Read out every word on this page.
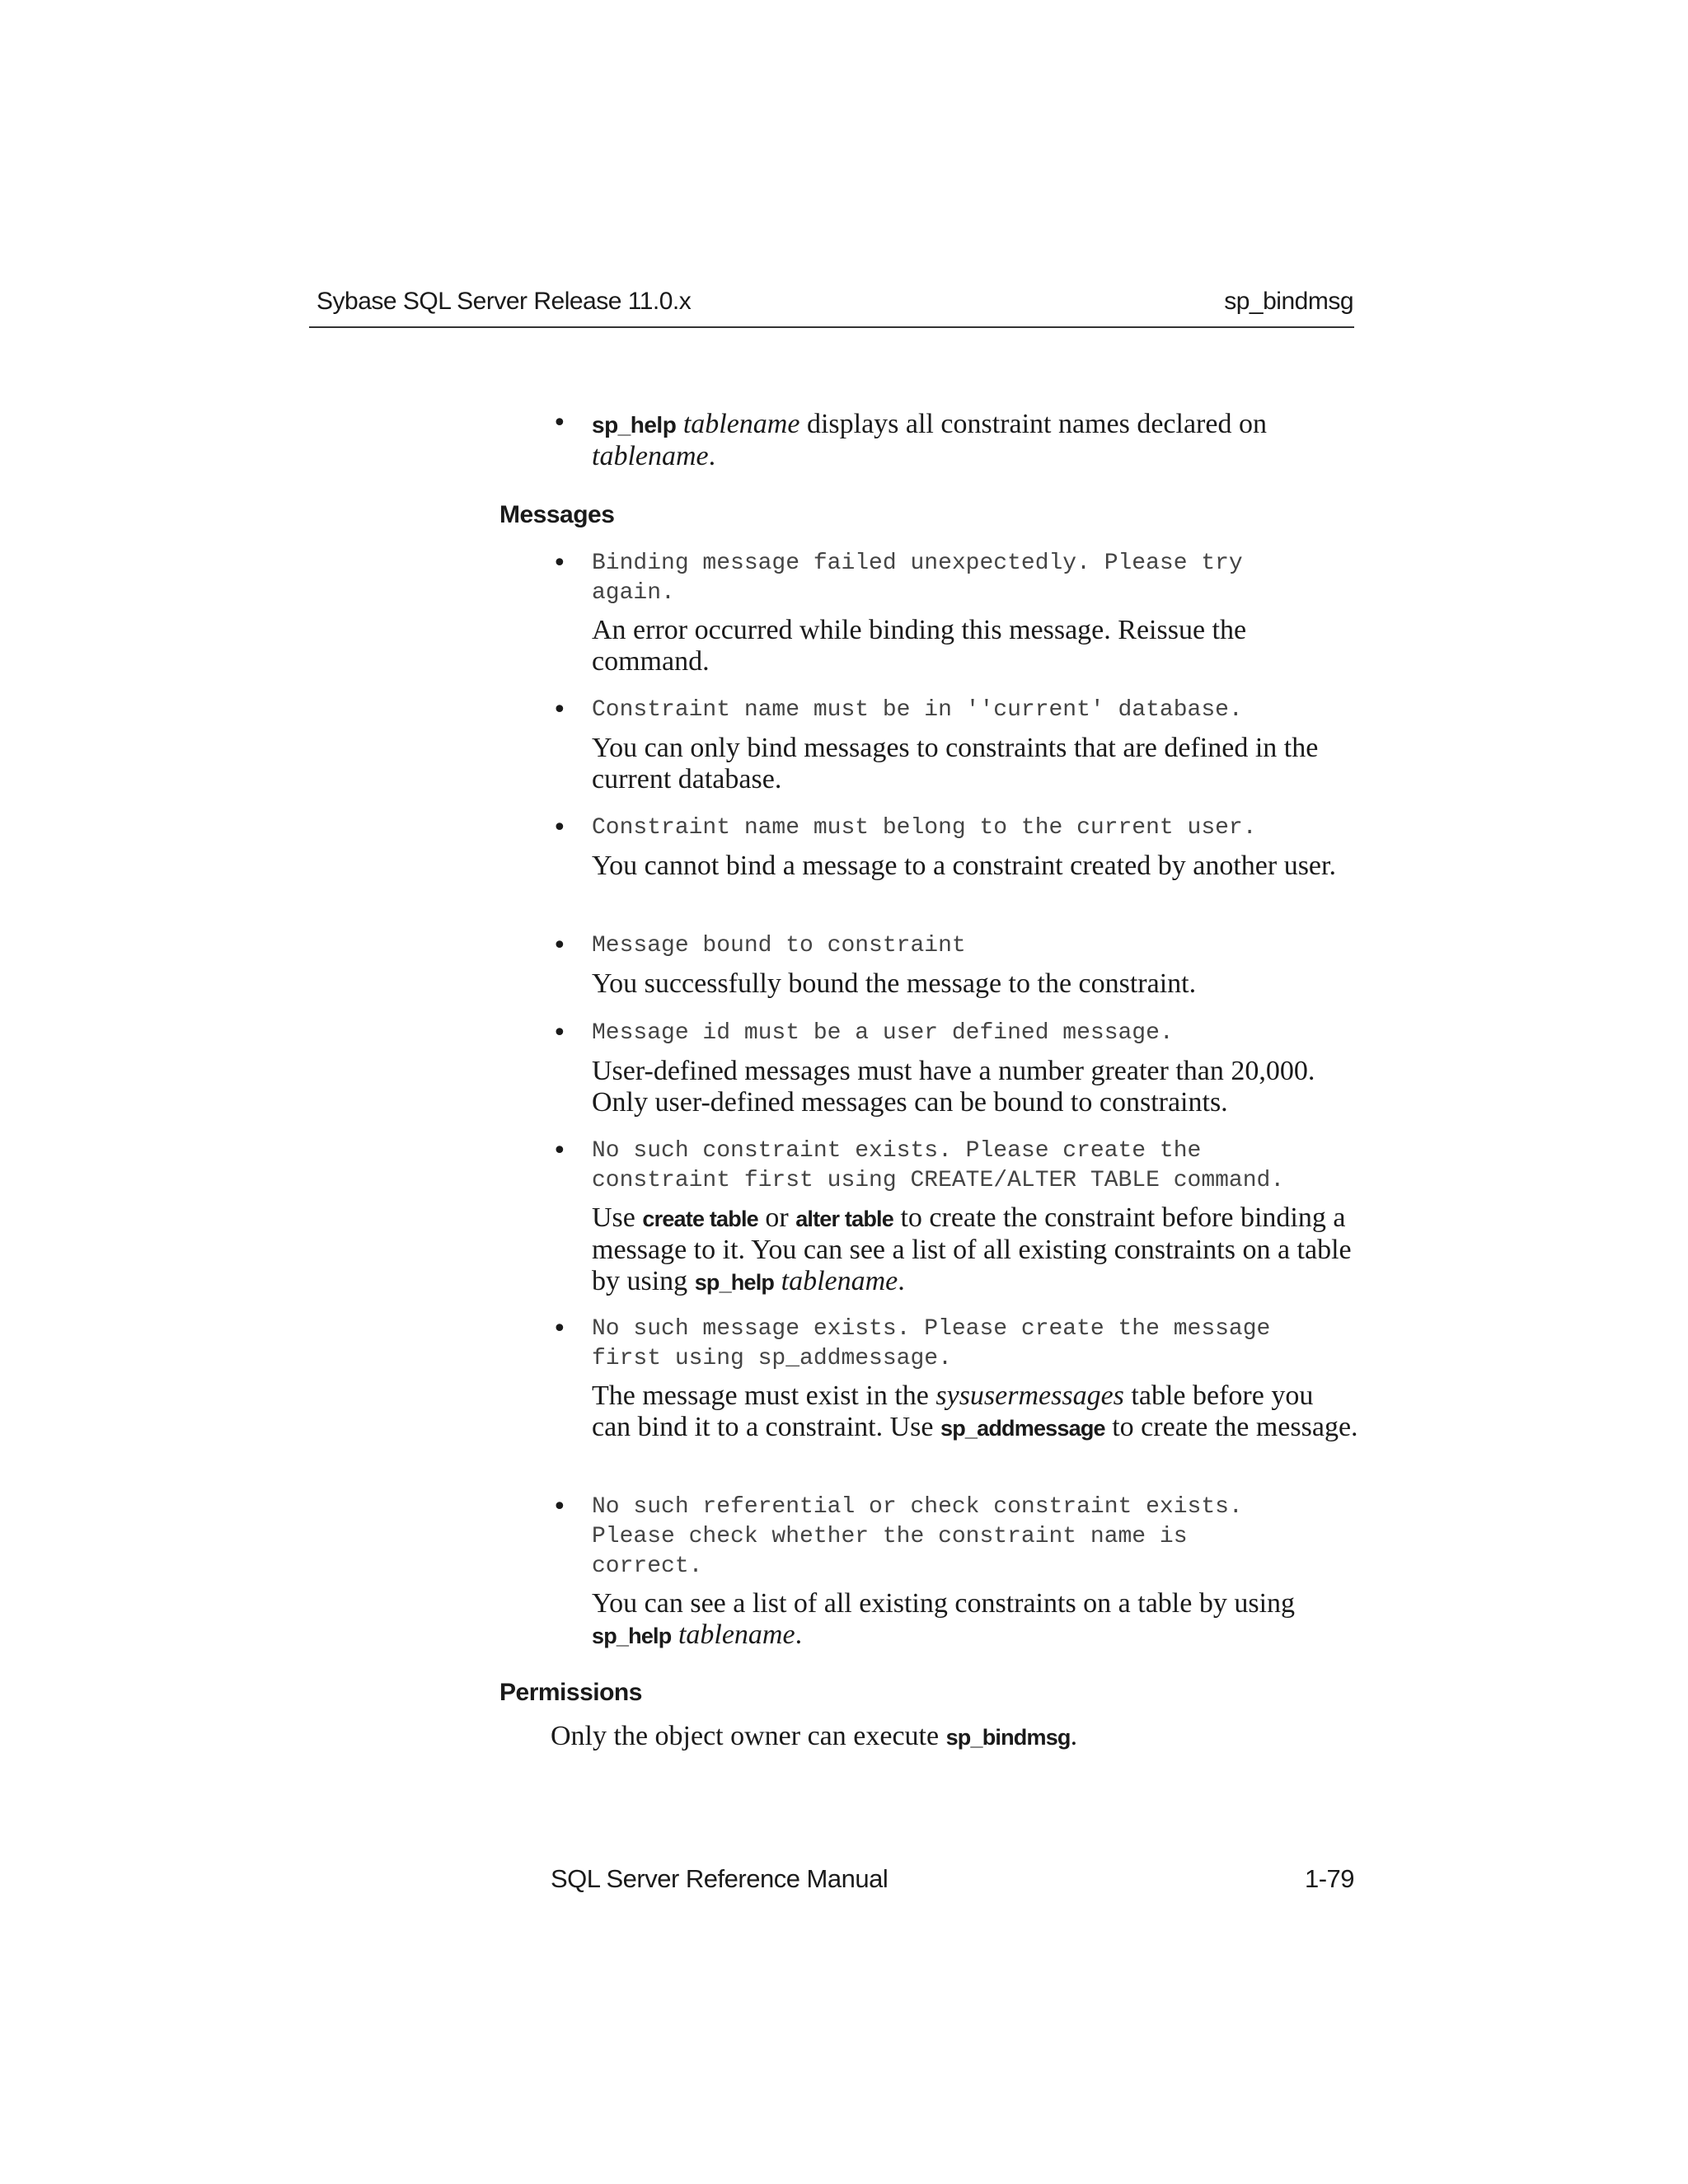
Sybase SQL Server Release 11.0.x	sp_bindmsg
• sp_help tablename displays all constraint names declared on
tablename.
Messages
• Binding message failed unexpectedly. Please try
again.
An error occurred while binding this message. Reissue the command.
• Constraint name must be in ''current' database.
You can only bind messages to constraints that are defined in the current database.
• Constraint name must belong to the current user.
You cannot bind a message to a constraint created by another user.
• Message bound to constraint
You successfully bound the message to the constraint.
• Message id must be a user defined message.
User-defined messages must have a number greater than 20,000. Only user-defined messages can be bound to constraints.
• No such constraint exists. Please create the
constraint first using CREATE/ALTER TABLE command.
Use create table or alter table to create the constraint before binding a message to it. You can see a list of all existing constraints on a table by using sp_help tablename.
• No such message exists. Please create the message
first using sp_addmessage.
The message must exist in the sysusermessages table before you can bind it to a constraint. Use sp_addmessage to create the message.
• No such referential or check constraint exists.
Please check whether the constraint name is
correct.
You can see a list of all existing constraints on a table by using
sp_help tablename.
Permissions
Only the object owner can execute sp_bindmsg.
SQL Server Reference Manual	1-79
